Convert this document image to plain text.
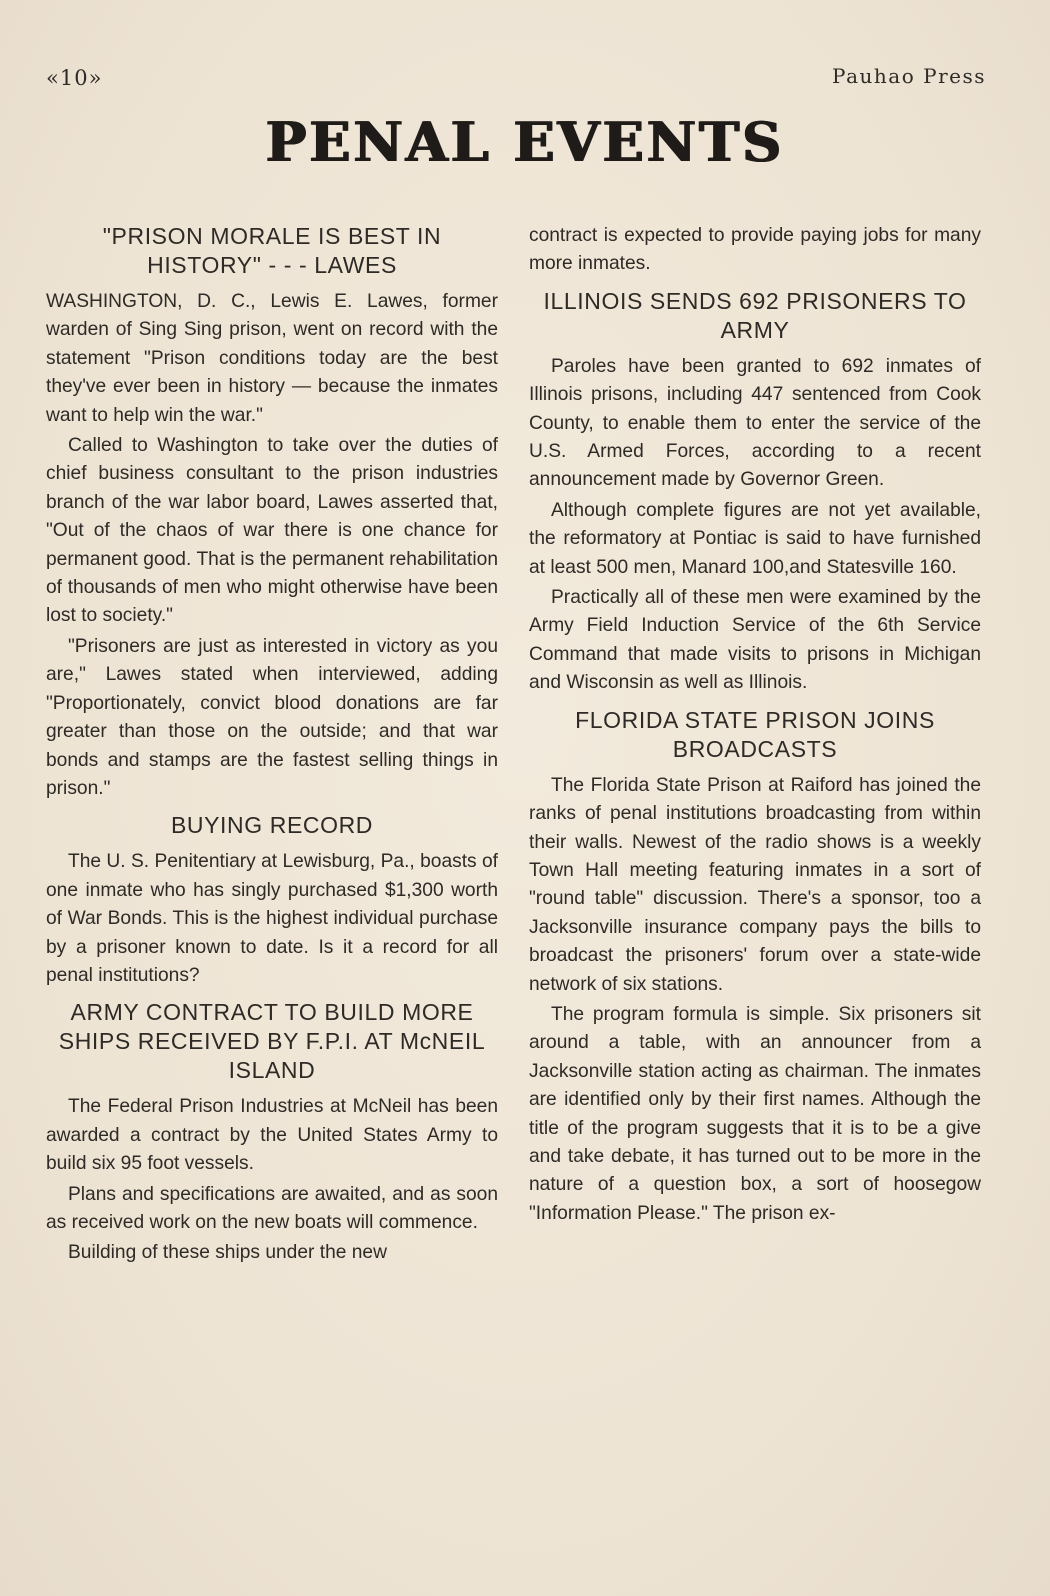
«10»	Pauhao Press
PENAL EVENTS
"PRISON MORALE IS BEST IN HISTORY" - - - LAWES

WASHINGTON, D. C., Lewis E. Lawes, former warden of Sing Sing prison, went on record with the statement "Prison conditions today are the best they've ever been in history — because the inmates want to help win the war."

Called to Washington to take over the duties of chief business consultant to the prison industries branch of the war labor board, Lawes asserted that, "Out of the chaos of war there is one chance for permanent good. That is the permanent rehabilitation of thousands of men who might otherwise have been lost to society."

"Prisoners are just as interested in victory as you are," Lawes stated when interviewed, adding "Proportionately, convict blood donations are far greater than those on the outside; and that war bonds and stamps are the fastest selling things in prison."

BUYING RECORD

The U. S. Penitentiary at Lewisburg, Pa., boasts of one inmate who has singly purchased $1,300 worth of War Bonds. This is the highest individual purchase by a prisoner known to date. Is it a record for all penal institutions?

ARMY CONTRACT TO BUILD MORE SHIPS RECEIVED BY F.P.I. AT McNEIL ISLAND

The Federal Prison Industries at McNeil has been awarded a contract by the United States Army to build six 95 foot vessels.

Plans and specifications are awaited, and as soon as received work on the new boats will commence.

Building of these ships under the new

contract is expected to provide paying jobs for many more inmates.

ILLINOIS SENDS 692 PRISONERS TO ARMY

Paroles have been granted to 692 inmates of Illinois prisons, including 447 sentenced from Cook County, to enable them to enter the service of the U.S. Armed Forces, according to a recent announcement made by Governor Green.

Although complete figures are not yet available, the reformatory at Pontiac is said to have furnished at least 500 men, Manard 100,and Statesville 160.

Practically all of these men were examined by the Army Field Induction Service of the 6th Service Command that made visits to prisons in Michigan and Wisconsin as well as Illinois.

FLORIDA STATE PRISON JOINS BROADCASTS

The Florida State Prison at Raiford has joined the ranks of penal institutions broadcasting from within their walls. Newest of the radio shows is a weekly Town Hall meeting featuring inmates in a sort of "round table" discussion. There's a sponsor, too a Jacksonville insurance company pays the bills to broadcast the prisoners' forum over a state-wide network of six stations.

The program formula is simple. Six prisoners sit around a table, with an announcer from a Jacksonville station acting as chairman. The inmates are identified only by their first names. Although the title of the program suggests that it is to be a give and take debate, it has turned out to be more in the nature of a question box, a sort of hoosegow "Information Please." The prison ex-
